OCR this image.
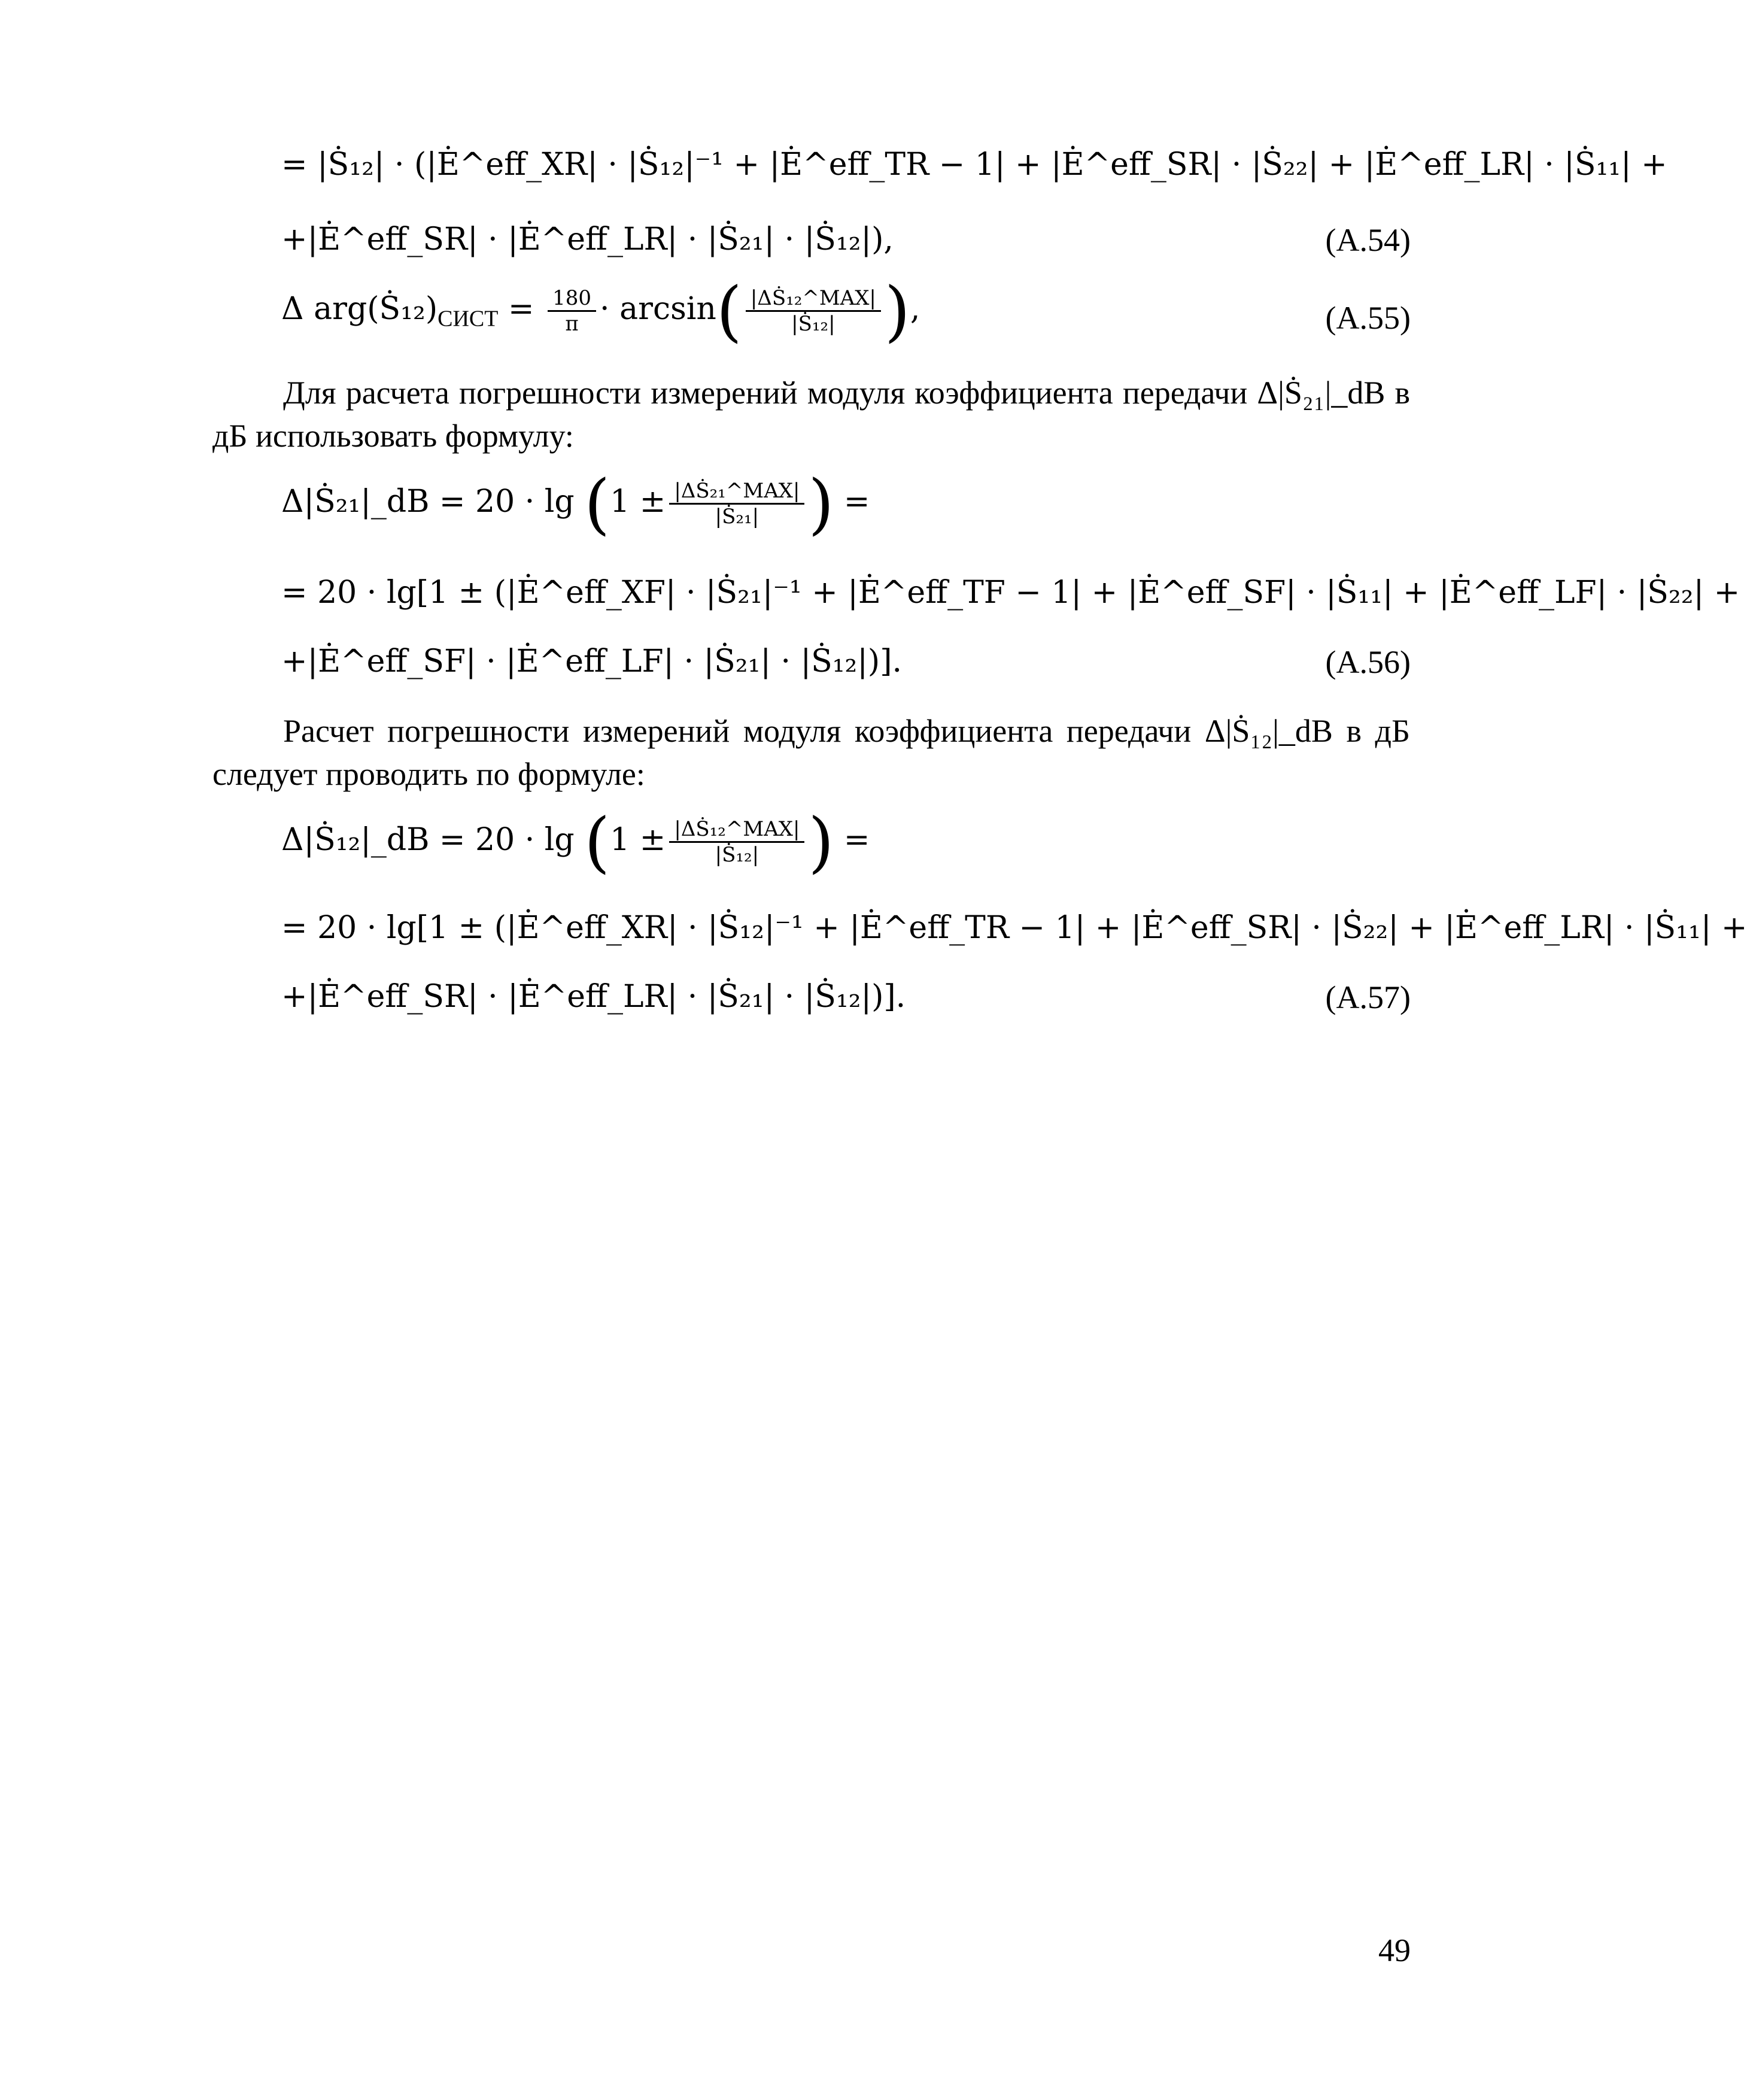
= |Ṡ₁₂| · (|Ė^eff_XR| · |Ṡ₁₂|⁻¹ + |Ė^eff_TR − 1| + |Ė^eff_SR| · |Ṡ₂₂| + |Ė^eff_LR| · |Ṡ₁₁| +
+|Ė^eff_SR| · |Ė^eff_LR| · |Ṡ₂₁| · |Ṡ₁₂|),	(А.54)
Δ $arg(Ṡ_{12})_{СИСТ} = \frac{180}{\pi} \cdot \arcsin( \frac{\text{|ΔṠ₁₂\textasciicircum{}MAX|}}{\text{|Ṡ₁₂|}}$ ),	(А.55)
Для расчета погрешности измерений модуля коэффициента передачи Δ|Ṡ₂₁|_dB в дБ использовать формулу:
Δ|Ṡ₂₁|_dB = $20 \cdot \lg (1 \pm \frac{\text{|ΔṠ₂₁\textasciicircum{}MAX|}}{\text{|Ṡ₂₁|}}$ ) =
= 20 · lg[1 ± (|Ė^eff_XF| · |Ṡ₂₁|⁻¹ + |Ė^eff_TF − 1| + |Ė^eff_SF| · |Ṡ₁₁| + |Ė^eff_LF| · |Ṡ₂₂| +
+|Ė^eff_SF| · |Ė^eff_LF| · |Ṡ₂₁| · |Ṡ₁₂|)].	(А.56)
Расчет погрешности измерений модуля коэффициента передачи Δ|Ṡ₁₂|_dB в дБ следует проводить по формуле:
Δ|Ṡ₁₂|_dB = $20 \cdot \lg (1 \pm \frac{\text{|ΔṠ₁₂\textasciicircum{}MAX|}}{\text{|Ṡ₁₂|}}$ ) =
= 20 · lg[1 ± (|Ė^eff_XR| · |Ṡ₁₂|⁻¹ + |Ė^eff_TR − 1| + |Ė^eff_SR| · |Ṡ₂₂| + |Ė^eff_LR| · |Ṡ₁₁| +
+|Ė^eff_SR| · |Ė^eff_LR| · |Ṡ₂₁| · |Ṡ₁₂|)].	(А.57)
49
